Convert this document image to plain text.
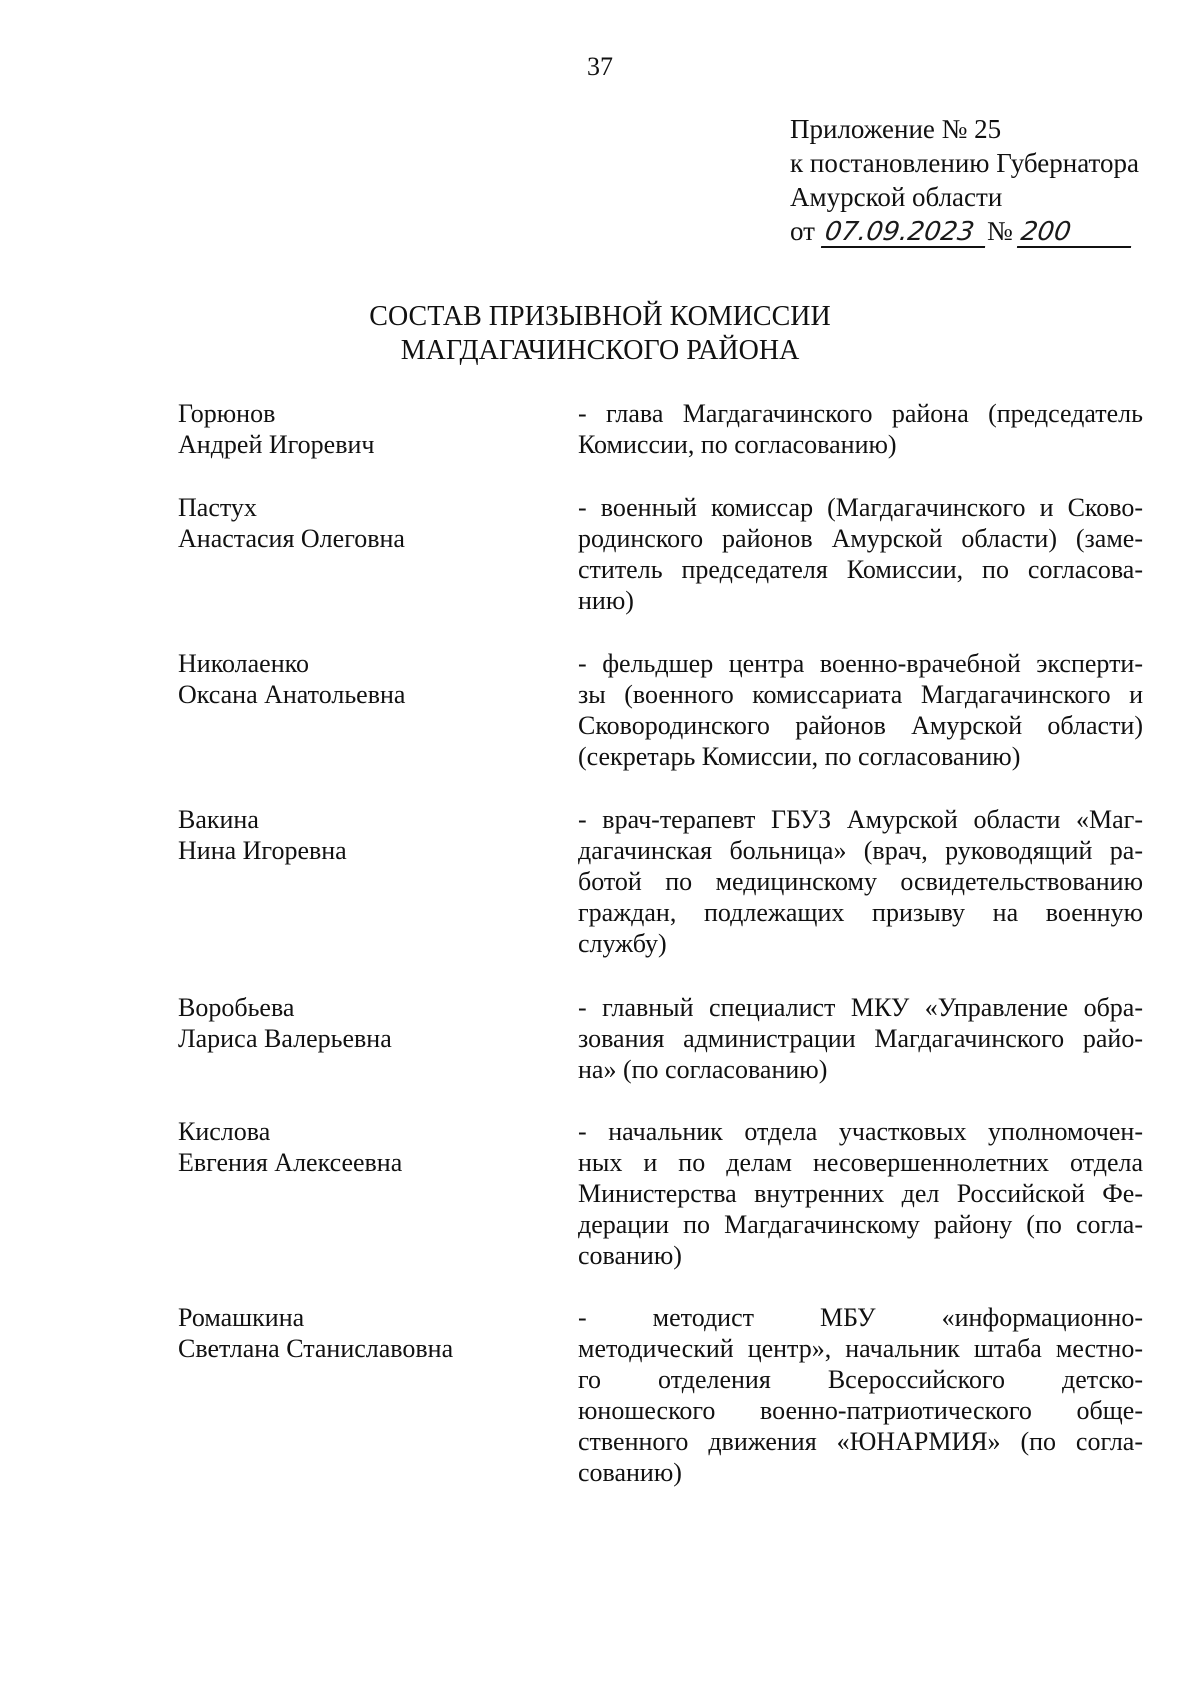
37
Приложение № 25
к постановлению Губернатора
Амурской области
от 07.09.2023 № 200
СОСТАВ ПРИЗЫВНОЙ КОМИССИИ
МАГДАГАЧИНСКОГО РАЙОНА
Горюнов
Андрей Игоревич
- глава Магдагачинского района (председатель
Комиссии, по согласованию)
Пастух
Анастасия Олеговна
- военный комиссар (Магдагачинского и Сково-
родинского районов Амурской области) (заме-
ститель председателя Комиссии, по согласова-
нию)
Николаенко
Оксана Анатольевна
- фельдшер центра военно-врачебной эксперти-
зы (военного комиссариата Магдагачинского и
Сковородинского районов Амурской области)
(секретарь Комиссии, по согласованию)
Вакина
Нина Игоревна
- врач-терапевт ГБУЗ Амурской области «Маг-
дагачинская больница» (врач, руководящий ра-
ботой по медицинскому освидетельствованию
граждан, подлежащих призыву на военную
службу)
Воробьева
Лариса Валерьевна
- главный специалист МКУ «Управление обра-
зования администрации Магдагачинского райо-
на» (по согласованию)
Кислова
Евгения Алексеевна
- начальник отдела участковых уполномочен-
ных и по делам несовершеннолетних отдела
Министерства внутренних дел Российской Фе-
дерации по Магдагачинскому району (по согла-
сованию)
Ромашкина
Светлана Станиславовна
- методист МБУ «информационно-
методический центр», начальник штаба местно-
го отделения Всероссийского детско-
юношеского военно-патриотического обще-
ственного движения «ЮНАРМИЯ» (по согла-
сованию)
